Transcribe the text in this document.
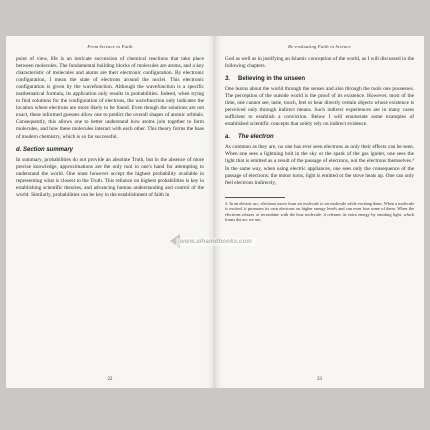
From Science to Faith

point of view, life is an intricate succession of chemical reactions that take place between molecules. The fundamental building blocks of molecules are atoms, and a key characteristic of molecules and atoms are their electronic configuration. By electronic configuration, I mean the state of electrons around the nuclei. This electronic configuration is given by the wavefunction. Although the wavefunction is a specific mathematical formula, its application only results in probabilities. Indeed, when trying to find solutions for the configuration of electrons, the wavefunction only indicates the location where electrons are more likely to be found. Even though the solutions are not exact, these informed guesses allow one to predict the overall shapes of atomic orbitals. Consequently, this allows one to better understand how atoms join together to form molecules, and how these molecules interact with each other. This theory forms the base of modern chemistry, which is so far successful.

d. Section summary

In summary, probabilities do not provide an absolute Truth, but in the absence of more precise knowledge, approximations are the only tool in one's hand for attempting to understand the world. One must however accept the highest probability available in representing what is closest to the Truth. This reliance on highest probabilities is key in establishing scientific theories, and advancing human understanding and control of the world. Similarly, probabilities can be key in the establishment of faith in

22
Re-evaluating Faith in Science

God as well as in justifying an Islamic conception of the world, as I will discussed in the following chapters.

3. Believing in the unseen

One learns about the world through the senses and also through the tools one possesses. The perception of the outside world is the proof of its existence. However, most of the time, one cannot see, taste, touch, feel or hear directly certain objects whose existence is perceived only through indirect means. Such indirect experiences are in many cases sufficient to establish a conviction. Below I will enumerate some examples of established scientific concepts that solely rely on indirect evidence.

a. The electron

As common as they are, no one has ever seen electrons as only their effects can be seen. When one sees a lightning bolt in the sky or the spark of the gas igniter, one sees the light that is emitted as a result of the passage of electrons, not the electrons themselves.³ In the same way, when using electric appliances, one sees only the consequence of the passage of electrons: the motor turns, light is emitted or the stove heats up. One can only feel electrons indirectly,

3. In an electric arc, electrons move from air molecule to air molecule while exciting them. When a molecule is excited, it promotes its own electrons on higher energy levels and can even lose some of them. When the electrons relaxes or recombine with the host molecule, it releases its extra energy by emitting light, which forms the arc we see.

23
www.alhamdbooks.com
